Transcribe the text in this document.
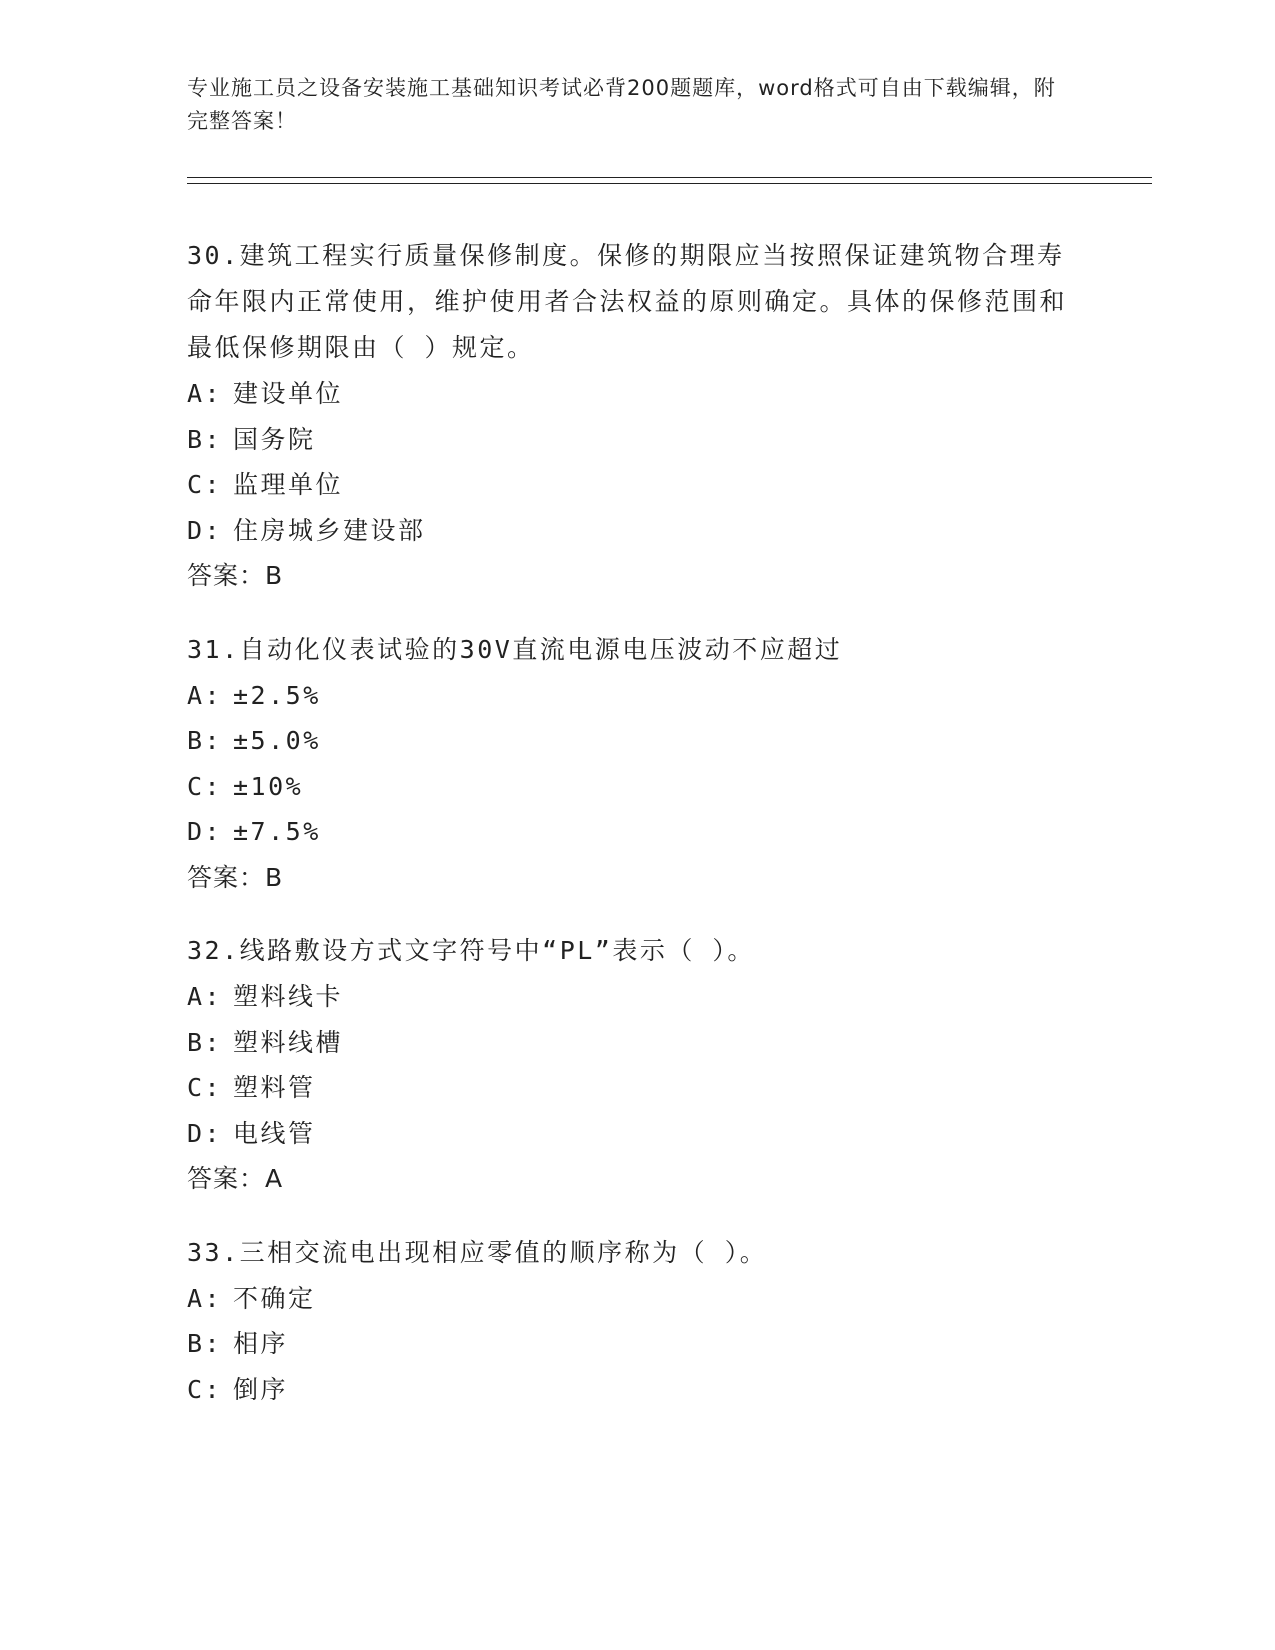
专业施工员之设备安装施工基础知识考试必背200题题库，word格式可自由下载编辑，附完整答案！

30.建筑工程实行质量保修制度。保修的期限应当按照保证建筑物合理寿命年限内正常使用，维护使用者合法权益的原则确定。具体的保修范围和最低保修期限由（ ）规定。

A: 建设单位

B: 国务院

C: 监理单位

D: 住房城乡建设部

答案：B

31.自动化仪表试验的30V直流电源电压波动不应超过

A: ±2.5%

B: ±5.0%

C: ±10%

D: ±7.5%

答案：B

32.线路敷设方式文字符号中“PL”表示（ ）。

A: 塑料线卡

B: 塑料线槽

C: 塑料管

D: 电线管

答案：A

33.三相交流电出现相应零值的顺序称为（ ）。

A: 不确定

B: 相序

C: 倒序
